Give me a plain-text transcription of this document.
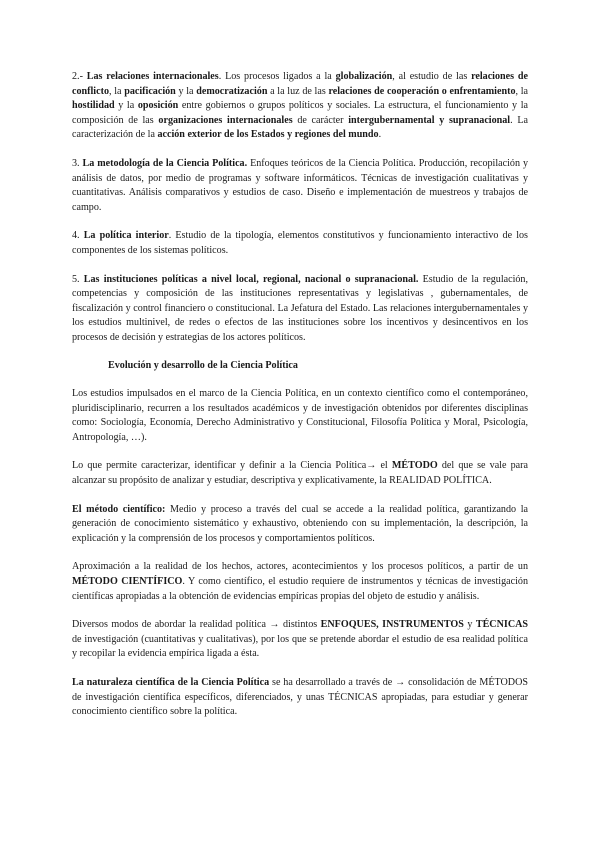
2.- Las relaciones internacionales. Los procesos ligados a la globalización, al estudio de las relaciones de conflicto, la pacificación y la democratización a la luz de las relaciones de cooperación o enfrentamiento, la hostilidad y la oposición entre gobiernos o grupos políticos y sociales. La estructura, el funcionamiento y la composición de las organizaciones internacionales de carácter intergubernamental y supranacional. La caracterización de la acción exterior de los Estados y regiones del mundo.

3. La metodología de la Ciencia Política. Enfoques teóricos de la Ciencia Política. Producción, recopilación y análisis de datos, por medio de programas y software informáticos. Técnicas de investigación cualitativas y cuantitativas. Análisis comparativos y estudios de caso. Diseño e implementación de muestreos y trabajos de campo.

4. La política interior. Estudio de la tipología, elementos constitutivos y funcionamiento interactivo de los componentes de los sistemas políticos.

5. Las instituciones políticas a nivel local, regional, nacional o supranacional. Estudio de la regulación, competencias y composición de las instituciones representativas y legislativas , gubernamentales, de fiscalización y control financiero o constitucional. La Jefatura del Estado. Las relaciones intergubernamentales y los estudios multinivel, de redes o efectos de las instituciones sobre los incentivos y desincentivos en los procesos de decisión y estrategias de los actores políticos.

Evolución y desarrollo de la Ciencia Política

Los estudios impulsados en el marco de la Ciencia Política, en un contexto científico como el contemporáneo, pluridisciplinario, recurren a los resultados académicos y de investigación obtenidos por diferentes disciplinas como: Sociología, Economía, Derecho Administrativo y Constitucional, Filosofía Política y Moral, Psicología, Antropología, …).

Lo que permite caracterizar, identificar y definir a la Ciencia Política→ el MÉTODO del que se vale para alcanzar su propósito de analizar y estudiar, descriptiva y explicativamente, la REALIDAD POLÍTICA.

El método científico: Medio y proceso a través del cual se accede a la realidad política, garantizando la generación de conocimiento sistemático y exhaustivo, obteniendo con su implementación, la descripción, la explicación y la comprensión de los procesos y comportamientos políticos.

Aproximación a la realidad de los hechos, actores, acontecimientos y los procesos políticos, a partir de un MÉTODO CIENTÍFICO. Y como científico, el estudio requiere de instrumentos y técnicas de investigación científicas apropiadas a la obtención de evidencias empíricas propias del objeto de estudio y análisis.

Diversos modos de abordar la realidad política → distintos ENFOQUES, INSTRUMENTOS y TÉCNICAS de investigación (cuantitativas y cualitativas), por los que se pretende abordar el estudio de esa realidad política y recopilar la evidencia empírica ligada a ésta.

La naturaleza científica de la Ciencia Política se ha desarrollado a través de → consolidación de MÉTODOS de investigación científica específicos, diferenciados, y unas TÉCNICAS apropiadas, para estudiar y generar conocimiento científico sobre la política.
